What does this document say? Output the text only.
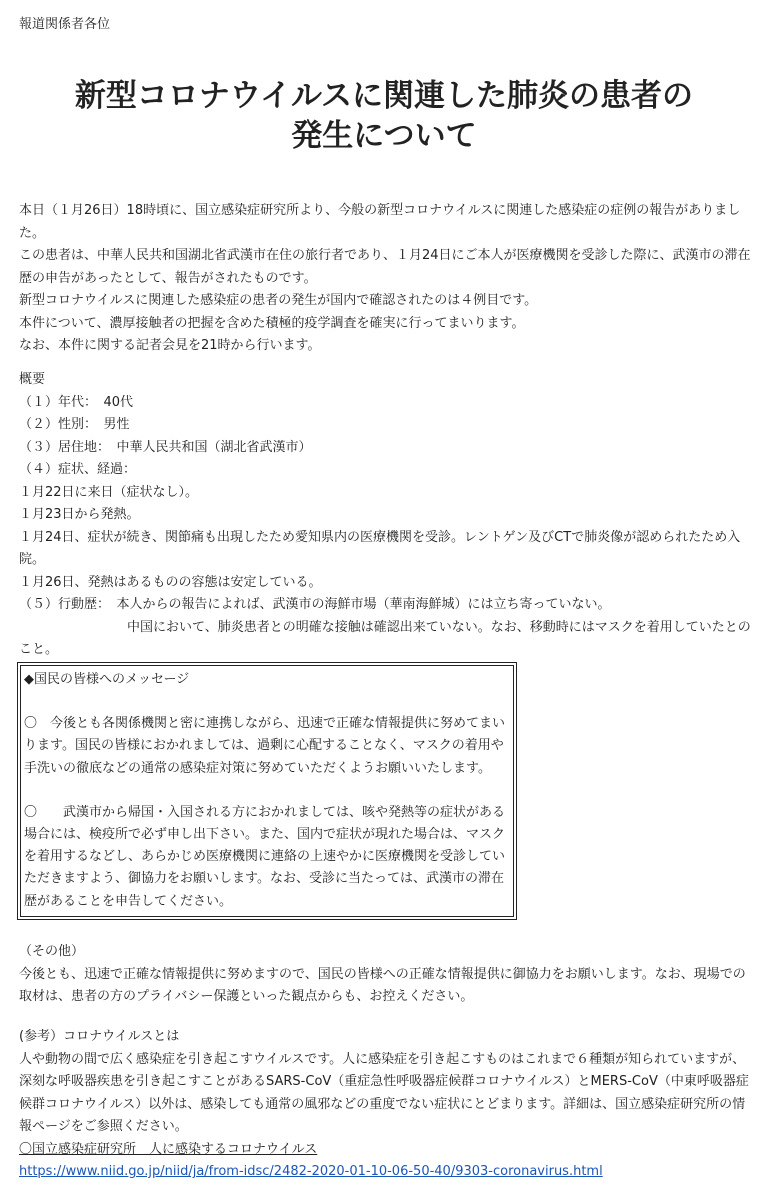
報道関係者各位
新型コロナウイルスに関連した肺炎の患者の
発生について

本日（１月26日）18時頃に、国立感染症研究所より、今般の新型コロナウイルスに関連した感染症の症例の報告がありました。

この患者は、中華人民共和国湖北省武漢市在住の旅行者であり、１月24日にご本人が医療機関を受診した際に、武漢市の滞在歴の申告があったとして、報告がされたものです。

新型コロナウイルスに関連した感染症の患者の発生が国内で確認されたのは４例目です。

本件について、濃厚接触者の把握を含めた積極的疫学調査を確実に行ってまいります。

なお、本件に関する記者会見を21時から行います。

概要
（１）年代：　40代
（２）性別：　男性
（３）居住地：　中華人民共和国（湖北省武漢市）
（４）症状、経過：
１月22日に来日（症状なし）。
１月23日から発熱。
１月24日、症状が続き、関節痛も出現したため愛知県内の医療機関を受診。レントゲン及びCTで肺炎像が認められたため入院。
１月26日、発熱はあるものの容態は安定している。
（５）行動歴：　本人からの報告によれば、武漢市の海鮮市場（華南海鮮城）には立ち寄っていない。
中国において、肺炎患者との明確な接触は確認出来ていない。なお、移動時にはマスクを着用していたとのこと。

◆国民の皆様へのメッセージ

〇　今後とも各関係機関と密に連携しながら、迅速で正確な情報提供に努めてまいります。国民の皆様におかれましては、過剰に心配することなく、マスクの着用や手洗いの徹底などの通常の感染症対策に努めていただくようお願いいたします。

〇　　武漢市から帰国・入国される方におかれましては、咳や発熱等の症状がある場合には、検疫所で必ず申し出下さい。また、国内で症状が現れた場合は、マスクを着用するなどし、あらかじめ医療機関に連絡の上速やかに医療機関を受診していただきますよう、御協力をお願いします。なお、受診に当たっては、武漢市の滞在歴があることを申告してください。

（その他）

今後とも、迅速で正確な情報提供に努めますので、国民の皆様への正確な情報提供に御協力をお願いします。なお、現場での取材は、患者の方のプライバシー保護といった観点からも、お控えください。

(参考）コロナウイルスとは

人や動物の間で広く感染症を引き起こすウイルスです。人に感染症を引き起こすものはこれまで６種類が知られていますが、深刻な呼吸器疾患を引き起こすことがあるSARS-CoV（重症急性呼吸器症候群コロナウイルス）とMERS-CoV（中東呼吸器症候群コロナウイルス）以外は、感染しても通常の風邪などの重度でない症状にとどまります。詳細は、国立感染症研究所の情報ページをご参照ください。

〇国立感染症研究所　人に感染するコロナウイルス

https://www.niid.go.jp/niid/ja/from-idsc/2482-2020-01-10-06-50-40/9303-coronavirus.html
